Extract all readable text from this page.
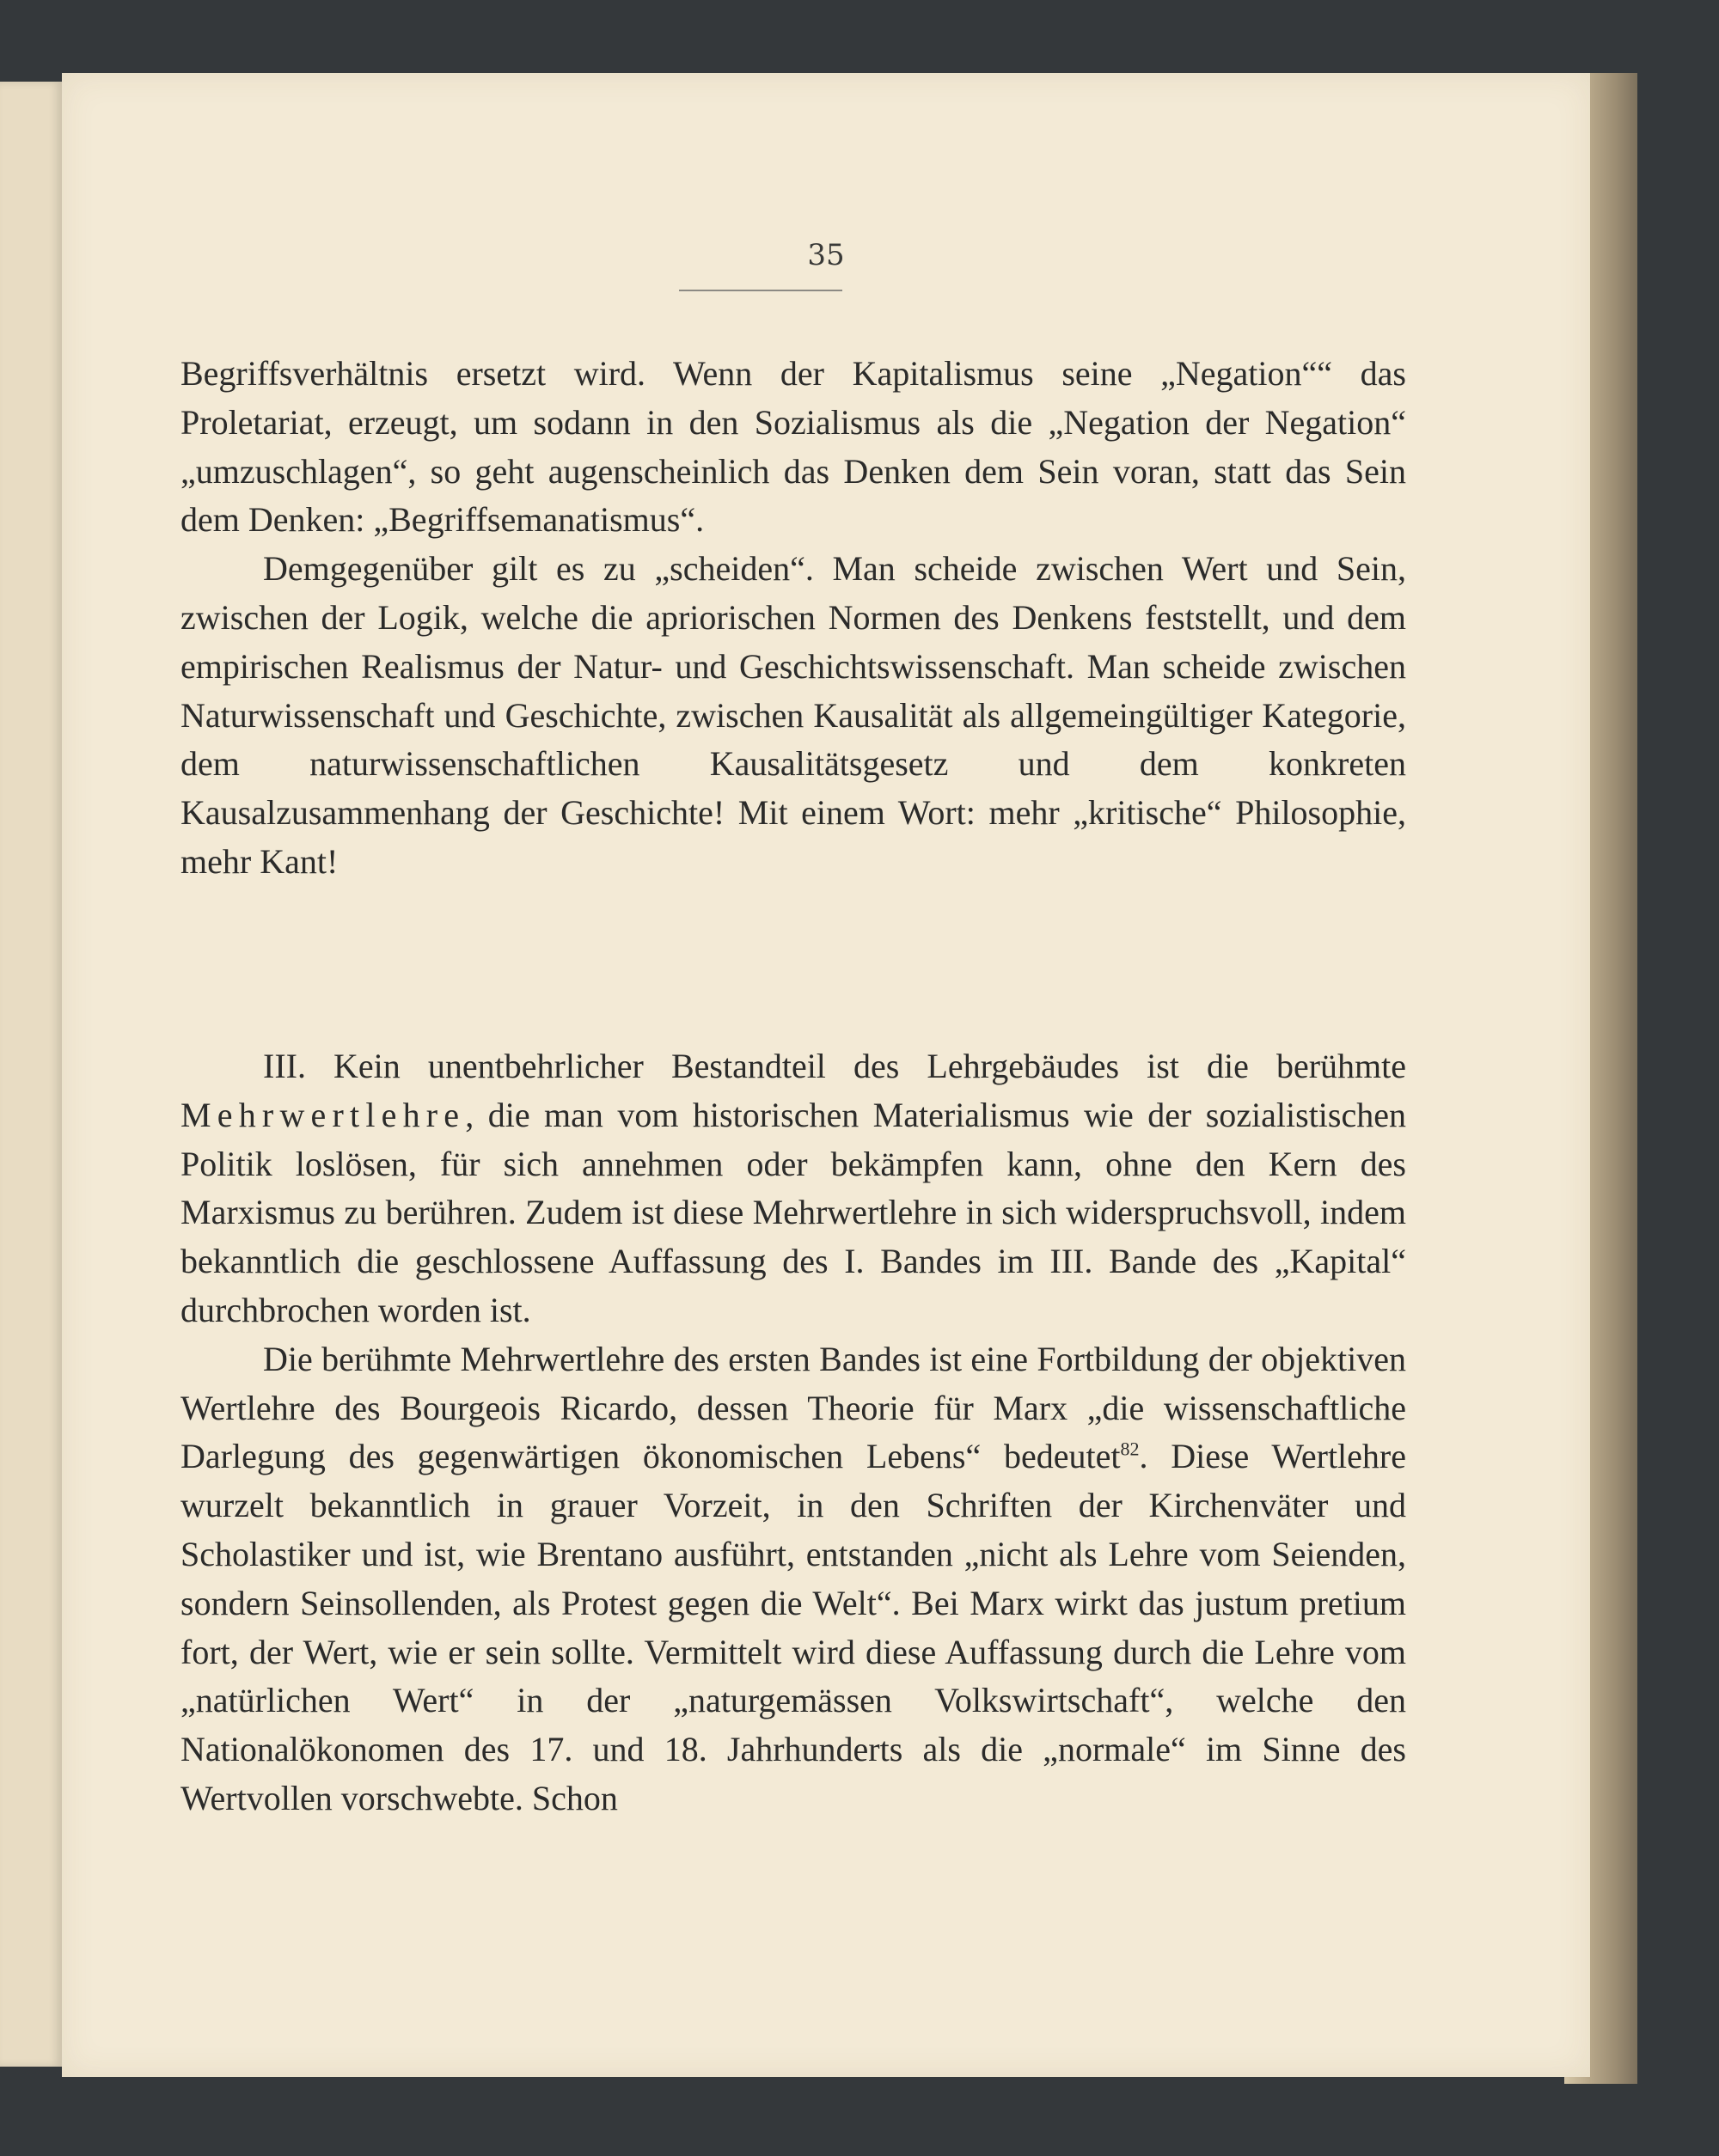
35

Begriffsverhältnis ersetzt wird. Wenn der Kapitalismus seine „Negation““ das Proletariat, erzeugt, um sodann in den Sozialismus als die „Negation der Negation“ „umzuschlagen“, so geht augenscheinlich das Denken dem Sein voran, statt das Sein dem Denken: „Begriffsemanatismus“.

Demgegenüber gilt es zu „scheiden“. Man scheide zwischen Wert und Sein, zwischen der Logik, welche die apriorischen Normen des Denkens feststellt, und dem empirischen Realismus der Natur- und Geschichtswissenschaft. Man scheide zwischen Naturwissenschaft und Geschichte, zwischen Kausalität als allgemeingültiger Kategorie, dem naturwissenschaftlichen Kausalitätsgesetz und dem konkreten Kausalzusammenhang der Geschichte! Mit einem Wort: mehr „kritische“ Philosophie, mehr Kant!

III. Kein unentbehrlicher Bestandteil des Lehrgebäudes ist die berühmte Mehrwertlehre, die man vom historischen Materialismus wie der sozialistischen Politik loslösen, für sich annehmen oder bekämpfen kann, ohne den Kern des Marxismus zu berühren. Zudem ist diese Mehrwertlehre in sich widerspruchsvoll, indem bekanntlich die geschlossene Auffassung des I. Bandes im III. Bande des „Kapital“ durchbrochen worden ist.

Die berühmte Mehrwertlehre des ersten Bandes ist eine Fortbildung der objektiven Wertlehre des Bourgeois Ricardo, dessen Theorie für Marx „die wissenschaftliche Darlegung des gegenwärtigen ökonomischen Lebens“ bedeutet$^{82}$. Diese Wertlehre wurzelt bekanntlich in grauer Vorzeit, in den Schriften der Kirchenväter und Scholastiker und ist, wie Brentano ausführt, entstanden „nicht als Lehre vom Seienden, sondern Seinsollenden, als Protest gegen die Welt“. Bei Marx wirkt das justum pretium fort, der Wert, wie er sein sollte. Vermittelt wird diese Auffassung durch die Lehre vom „natürlichen Wert“ in der „naturgemässen Volkswirtschaft“, welche den Nationalökonomen des 17. und 18. Jahrhunderts als die „normale“ im Sinne des Wertvollen vorschwebte. Schon
